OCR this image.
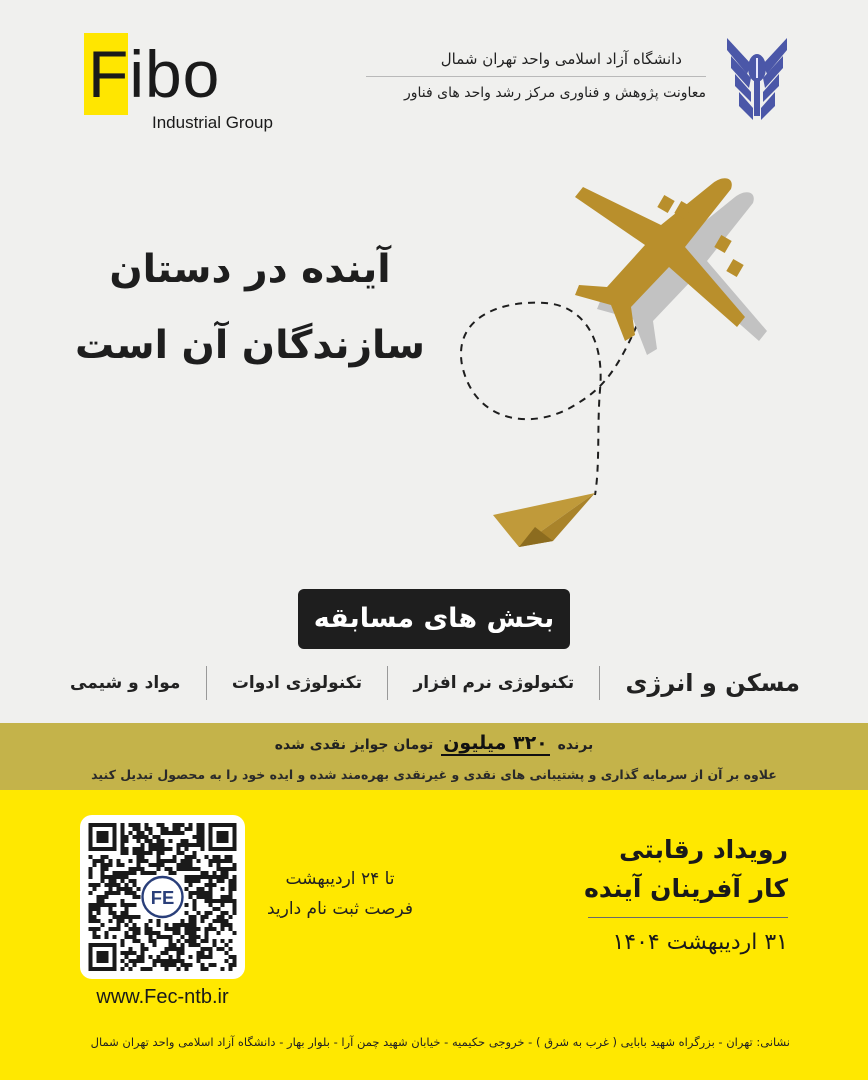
Fibo
Industrial Group
دانشگاه آزاد اسلامی واحد تهران شمال
معاونت پژوهش و فناوری مرکز رشد واحد های فناور
آینده در دستان
سازندگان آن است
بخش های مسابقه
مسکن و انرژی
تکنولوژی نرم افزار
تکنولوژی ادوات
مواد و شیمی
برنده ۳۲۰ میلیون تومان جوایز نقدی شده
علاوه بر آن از سرمایه گذاری و پشتیبانی های نقدی و غیرنقدی بهره‌مند شده و ایده خود را به محصول تبدیل کنید
FE
www.Fec-ntb.ir
تا ۲۴ اردیبهشت
فرصت ثبت نام دارید
رویداد رقابتی
کار آفرینان آینده
۳۱ اردیبهشت ۱۴۰۴
نشانی: تهران - بزرگراه شهید بابایی ( غرب به شرق ) - خروجی حکیمیه - خیابان شهید چمن آرا - بلوار بهار - دانشگاه آزاد اسلامی واحد تهران شمال
